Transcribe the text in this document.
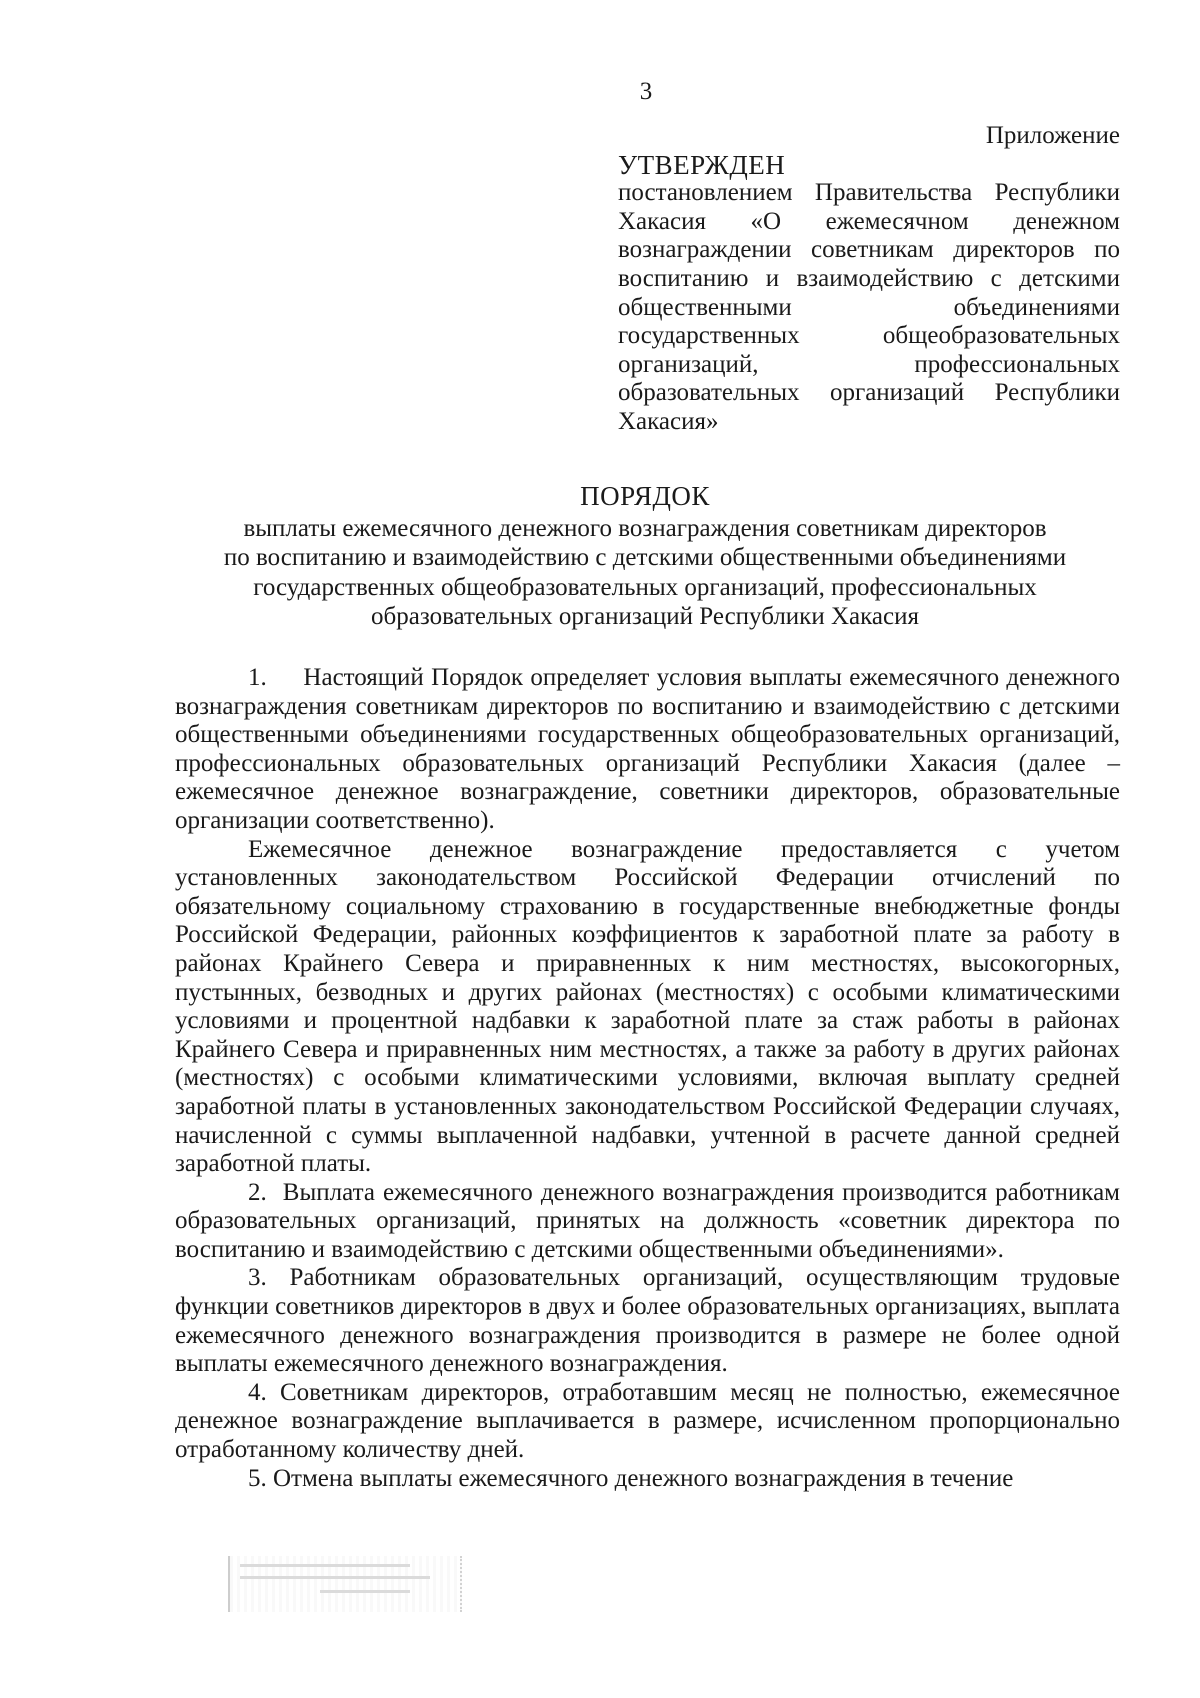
3
Приложение
УТВЕРЖДЕН
постановлением Правительства Республики Хакасия «О ежемесячном денежном вознаграждении советникам директоров по воспитанию и взаимодействию с детскими общественными объединениями государственных общеобразовательных организаций, профессиональных образовательных организаций Республики Хакасия»
ПОРЯДОК
выплаты ежемесячного денежного вознаграждения советникам директоров
по воспитанию и взаимодействию с детскими общественными объединениями
государственных общеобразовательных организаций, профессиональных
образовательных организаций Республики Хакасия

1.     Настоящий Порядок определяет условия выплаты ежемесячного денежного вознаграждения советникам директоров по воспитанию и взаимодействию с детскими общественными объединениями государственных общеобразовательных организаций, профессиональных образовательных организаций Республики Хакасия (далее – ежемесячное денежное вознаграждение, советники директоров, образовательные организации соответственно).

Ежемесячное денежное вознаграждение предоставляется с учетом установленных законодательством Российской Федерации отчислений по обязательному социальному страхованию в государственные внебюджетные фонды Российской Федерации, районных коэффициентов к заработной плате за работу в районах Крайнего Севера и приравненных к ним местностях, высокогорных, пустынных, безводных и других районах (местностях) с особыми климатическими условиями и процентной надбавки к заработной плате за стаж работы в районах Крайнего Севера и приравненных ним местностях, а также за работу в других районах (местностях) с особыми климатическими условиями, включая выплату средней заработной платы в установленных законодательством Российской Федерации случаях, начисленной с суммы выплаченной надбавки, учтенной в расчете данной средней заработной платы.

2.  Выплата ежемесячного денежного вознаграждения производится работникам образовательных организаций, принятых на должность «советник директора по воспитанию и взаимодействию с детскими общественными объединениями».

3. Работникам образовательных организаций, осуществляющим трудовые функции советников директоров в двух и более образовательных организациях, выплата ежемесячного денежного вознаграждения производится в размере не более одной выплаты ежемесячного денежного вознаграждения.

4. Советникам директоров, отработавшим месяц не полностью, ежемесячное денежное вознаграждение выплачивается в размере, исчисленном пропорционально отработанному количеству дней.

5. Отмена выплаты ежемесячного денежного вознаграждения в течение
